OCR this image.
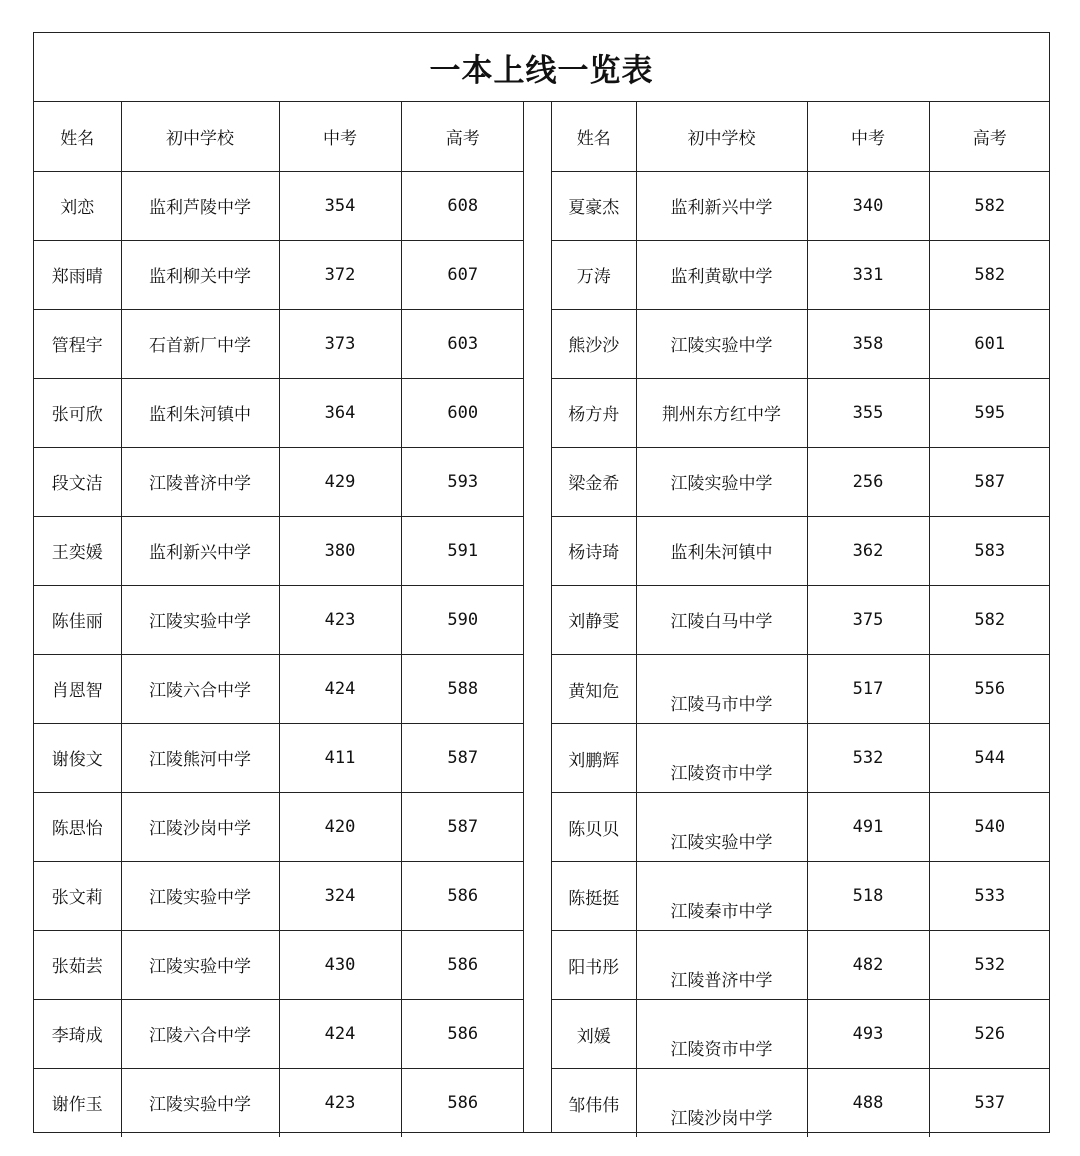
一本上线一览表
姓名	初中学校	中考	高考
刘恋	监利芦陵中学	354	608
郑雨晴	监利柳关中学	372	607
管程宇	石首新厂中学	373	603
张可欣	监利朱河镇中	364	600
段文洁	江陵普济中学	429	593
王奕媛	监利新兴中学	380	591
陈佳丽	江陵实验中学	423	590
肖恩智	江陵六合中学	424	588
谢俊文	江陵熊河中学	411	587
陈思怡	江陵沙岗中学	420	587
张文莉	江陵实验中学	324	586
张茹芸	江陵实验中学	430	586
李琦成	江陵六合中学	424	586
谢作玉	江陵实验中学	423	586
姓名	初中学校	中考	高考
夏豪杰	监利新兴中学	340	582
万涛	监利黄歇中学	331	582
熊沙沙	江陵实验中学	358	601
杨方舟	荆州东方红中学	355	595
梁金希	江陵实验中学	256	587
杨诗琦	监利朱河镇中	362	583
刘静雯	江陵白马中学	375	582
黄知危	江陵马市中学	517	556
刘鹏辉	江陵资市中学	532	544
陈贝贝	江陵实验中学	491	540
陈挺挺	江陵秦市中学	518	533
阳书彤	江陵普济中学	482	532
刘媛	江陵资市中学	493	526
邹伟伟	江陵沙岗中学	488	537
